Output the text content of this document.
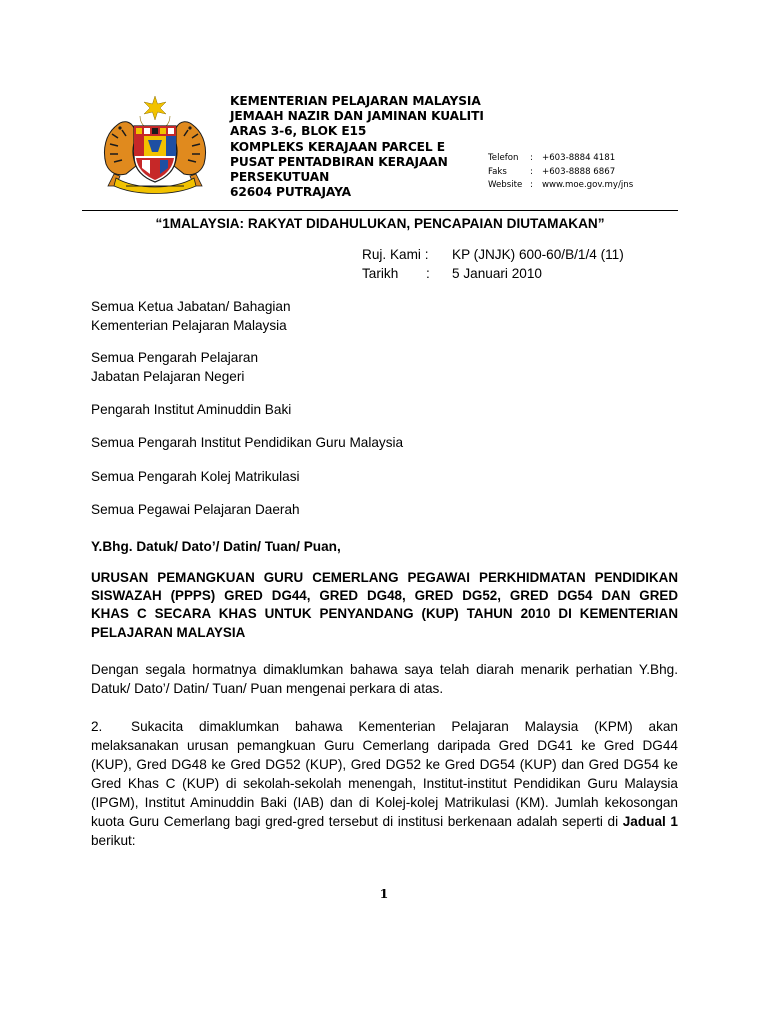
KEMENTERIAN PELAJARAN MALAYSIA
JEMAAH NAZIR DAN JAMINAN KUALITI
ARAS 3-6, BLOK E15
KOMPLEKS KERAJAAN PARCEL E
PUSAT PENTADBIRAN KERAJAAN
PERSEKUTUAN
62604 PUTRAJAYA
Telefon	:	+603-8884 4181
Faks	:	+603-8888 6867
Website :	www.moe.gov.my/jns
“1MALAYSIA: RAKYAT DIDAHULUKAN, PENCAPAIAN DIUTAMAKAN”
Ruj. Kami :	KP (JNJK) 600-60/B/1/4 (11)
Tarikh	:	5 Januari 2010
Semua Ketua Jabatan/ Bahagian
Kementerian Pelajaran Malaysia
Semua Pengarah Pelajaran
Jabatan Pelajaran Negeri
Pengarah Institut Aminuddin Baki
Semua Pengarah Institut Pendidikan Guru Malaysia
Semua Pengarah Kolej Matrikulasi
Semua Pegawai Pelajaran Daerah
Y.Bhg. Datuk/ Dato’/ Datin/ Tuan/ Puan,
URUSAN PEMANGKUAN GURU CEMERLANG PEGAWAI PERKHIDMATAN PENDIDIKAN
SISWAZAH (PPPS) GRED DG44, GRED DG48, GRED DG52, GRED DG54 DAN GRED
KHAS C SECARA KHAS UNTUK PENYANDANG (KUP) TAHUN 2010 DI KEMENTERIAN
PELAJARAN MALAYSIA
Dengan segala hormatnya dimaklumkan bahawa saya telah diarah menarik perhatian Y.Bhg.
Datuk/ Dato’/ Datin/ Tuan/ Puan mengenai perkara di atas.
2. Sukacita dimaklumkan bahawa Kementerian Pelajaran Malaysia (KPM) akan
melaksanakan urusan pemangkuan Guru Cemerlang daripada Gred DG41 ke Gred DG44
(KUP), Gred DG48 ke Gred DG52 (KUP), Gred DG52 ke Gred DG54 (KUP) dan Gred DG54 ke
Gred Khas C (KUP) di sekolah-sekolah menengah, Institut-institut Pendidikan Guru Malaysia
(IPGM), Institut Aminuddin Baki (IAB) dan di Kolej-kolej Matrikulasi (KM). Jumlah kekosongan
kuota Guru Cemerlang bagi gred-gred tersebut di institusi berkenaan adalah seperti di Jadual 1
berikut:
1
